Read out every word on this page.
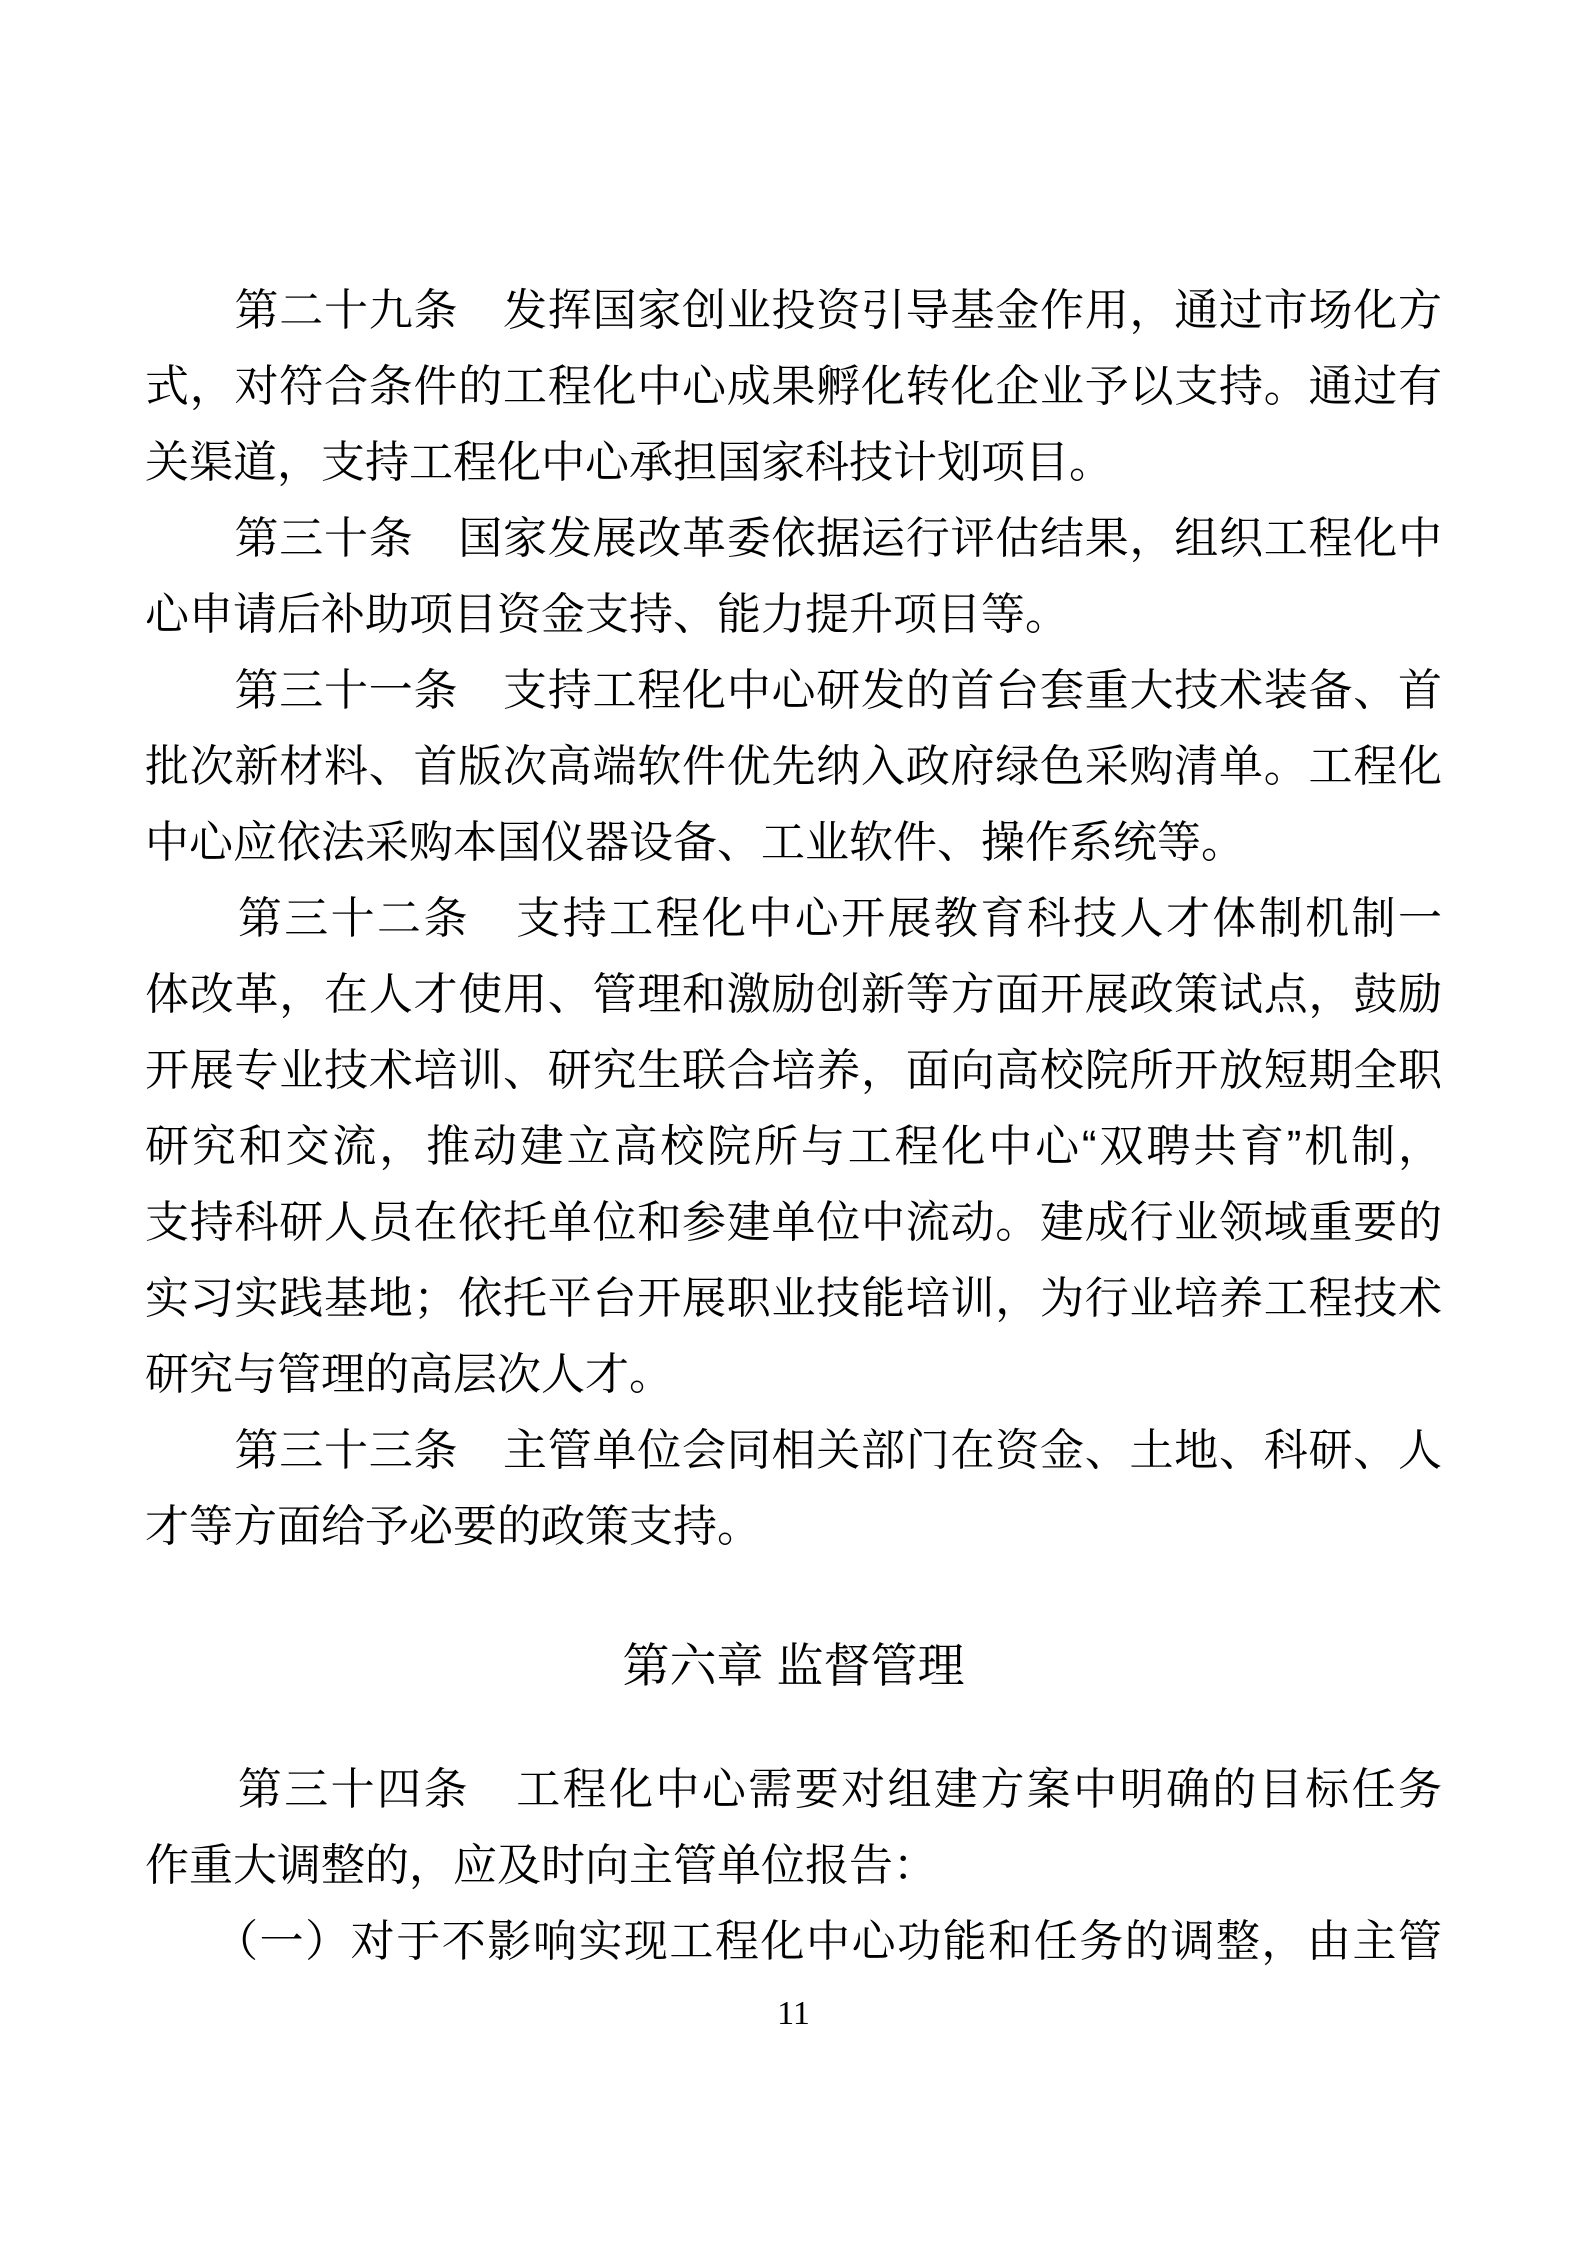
　　第二十九条　发挥国家创业投资引导基金作用，通过市场化方
式，对符合条件的工程化中心成果孵化转化企业予以支持。通过有
关渠道，支持工程化中心承担国家科技计划项目。
　　第三十条　国家发展改革委依据运行评估结果，组织工程化中
心申请后补助项目资金支持、能力提升项目等。
　　第三十一条　支持工程化中心研发的首台套重大技术装备、首
批次新材料、首版次高端软件优先纳入政府绿色采购清单。工程化
中心应依法采购本国仪器设备、工业软件、操作系统等。
　　第三十二条　支持工程化中心开展教育科技人才体制机制一
体改革，在人才使用、管理和激励创新等方面开展政策试点，鼓励
开展专业技术培训、研究生联合培养，面向高校院所开放短期全职
研究和交流，推动建立高校院所与工程化中心“双聘共育”机制，
支持科研人员在依托单位和参建单位中流动。建成行业领域重要的
实习实践基地；依托平台开展职业技能培训，为行业培养工程技术
研究与管理的高层次人才。
　　第三十三条　主管单位会同相关部门在资金、土地、科研、人
才等方面给予必要的政策支持。
第六章 监督管理
　　第三十四条　工程化中心需要对组建方案中明确的目标任务
作重大调整的，应及时向主管单位报告：
　　（一）对于不影响实现工程化中心功能和任务的调整，由主管
11
